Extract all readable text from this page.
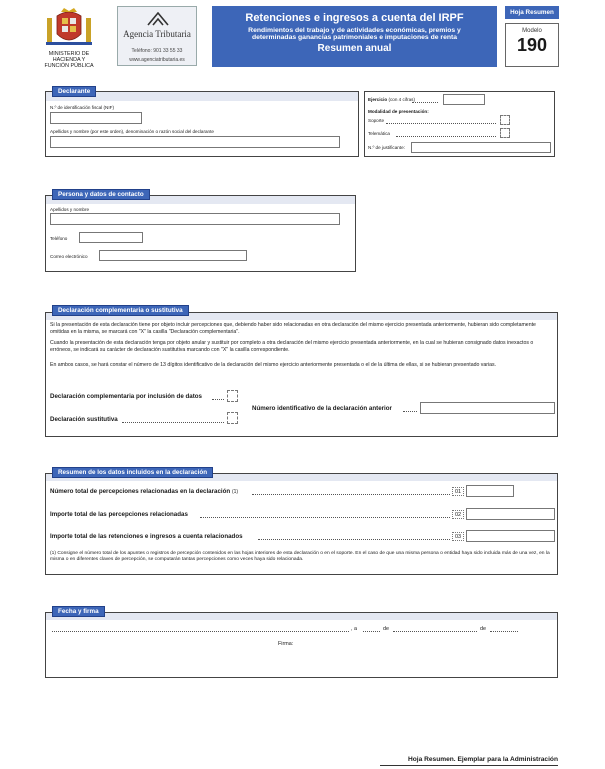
MINISTERIO DE
HACIENDA Y
FUNCIÓN PÚBLICA
Agencia Tributaria
Teléfono: 901 33 55 33
www.agenciatributaria.es
Retenciones e ingresos a cuenta del IRPF
Rendimientos del trabajo y de actividades económicas, premios y
determinadas ganancias patrimoniales e imputaciones de renta
Resumen anual
Hoja Resumen
Modelo
190
Declarante
N.º de identificación fiscal (NIF)
Apellidos y nombre (por este orden), denominación o razón social del declarante
Ejercicio (con 4 cifras)
Modalidad de presentación:
Soporte
Telemática
N.º de justificante:
Persona y datos de contacto
Apellidos y nombre
Teléfono
Correo electrónico
Declaración complementaria o sustitutiva
Si la presentación de esta declaración tiene por objeto incluir percepciones que, debiendo haber sido relacionadas en otra declaración del mismo ejercicio presentada anteriormente, hubieran sido completamente omitidas en la misma, se marcará con "X" la casilla "Declaración complementaria".
Cuando la presentación de esta declaración tenga por objeto anular y sustituir por completo a otra declaración del mismo ejercicio presentada anteriormente, en la cual se hubieran consignado datos inexactos o erróneos, se indicará su carácter de declaración sustitutiva marcando con "X" la casilla correspondiente.
En ambos casos, se hará constar el número de 13 dígitos identificativo de la declaración del mismo ejercicio anteriormente presentada o el de la última de ellas, si se hubieran presentado varias.
Declaración complementaria por inclusión de datos
Declaración sustitutiva
Número identificativo de la declaración anterior
Resumen de los datos incluidos en la declaración
Número total de percepciones relacionadas en la declaración (1)	01
Importe total de las percepciones relacionadas	02
Importe total de las retenciones e ingresos a cuenta relacionados	03
(1) Consigne el número total de los apuntes o registros de percepción contenidos en las hojas interiores de esta declaración o en el soporte. En el caso de que una misma persona o entidad haya sido incluida más de una vez, en la misma o en diferentes claves de percepción, se computarán tantas percepciones como veces haya sido relacionada.
Fecha y firma
, a	de	de
Firma:
Hoja Resumen. Ejemplar para la Administración
